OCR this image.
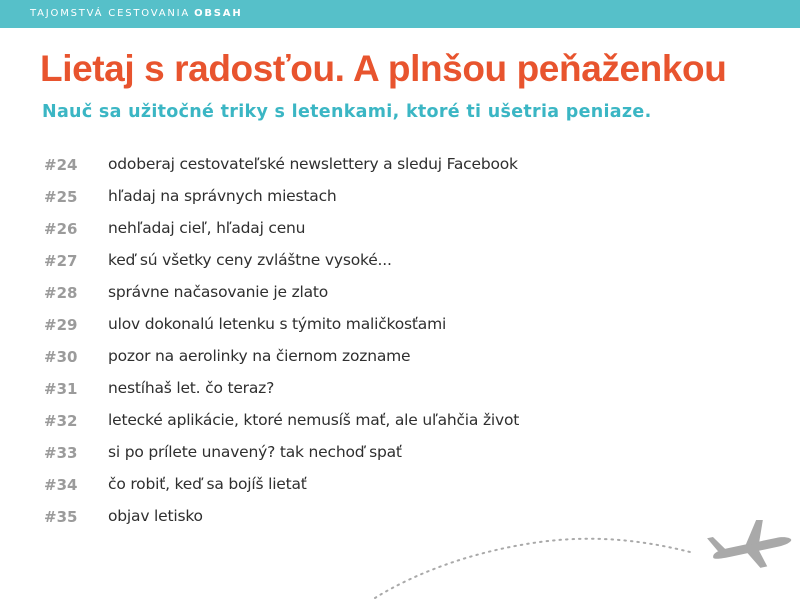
TAJOMSTVÁ CESTOVANIA OBSAH
Lietaj s radosťou. A plnšou peňaženkou
Nauč sa užitočné triky s letenkami, ktoré ti ušetria peniaze.
#24 odoberaj cestovateľské newslettery a sleduj Facebook
#25 hľadaj na správnych miestach
#26 nehľadaj cieľ, hľadaj cenu
#27 keď sú všetky ceny zvláštne vysoké...
#28 správne načasovanie je zlato
#29 ulov dokonalú letenku s týmito maličkosťami
#30 pozor na aerolinky na čiernom zozname
#31 nestíhaš let. čo teraz?
#32 letecké aplikácie, ktoré nemusíš mať, ale uľahčia život
#33 si po prílete unavený? tak nechoď spať
#34 čo robiť, keď sa bojíš lietať
#35 objav letisko
